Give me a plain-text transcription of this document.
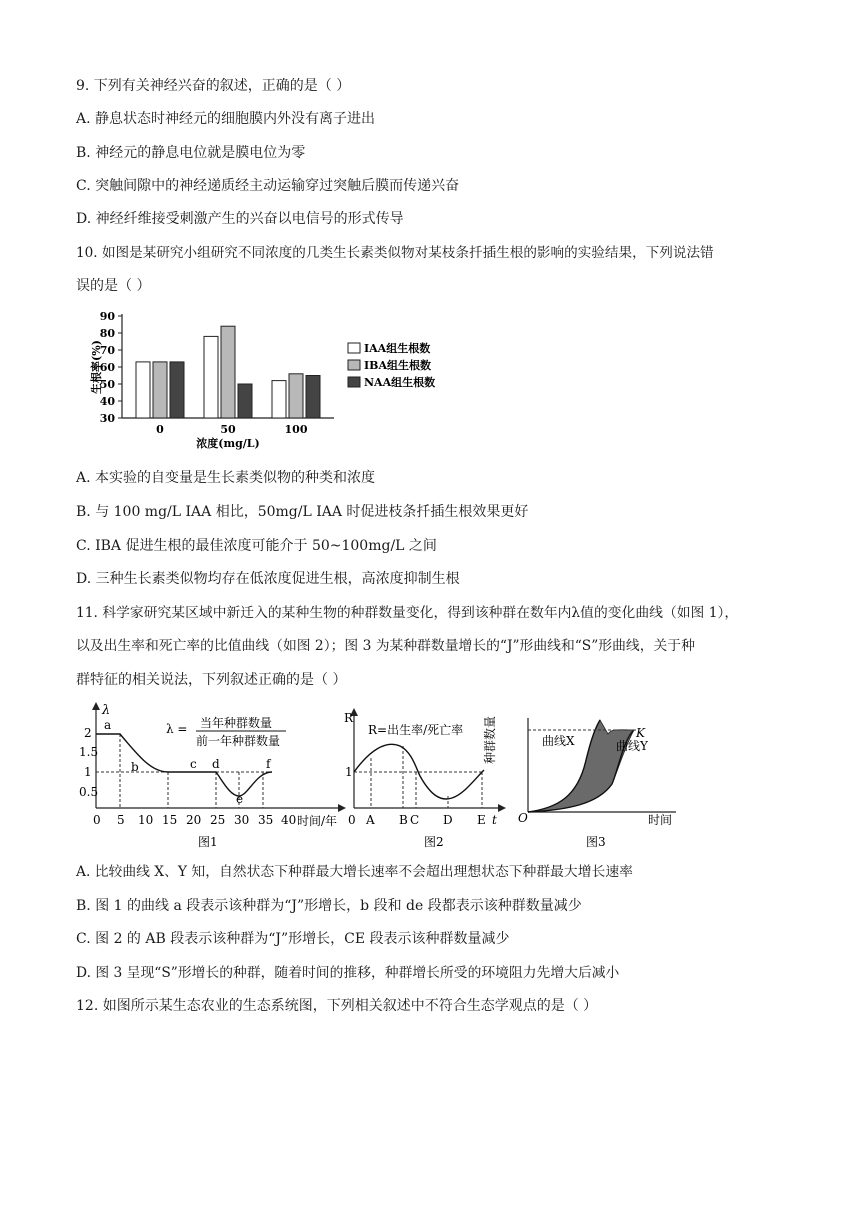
9. 下列有关神经兴奋的叙述，正确的是（ ）
A. 静息状态时神经元的细胞膜内外没有离子进出
B. 神经元的静息电位就是膜电位为零
C. 突触间隙中的神经递质经主动运输穿过突触后膜而传递兴奋
D. 神经纤维接受刺激产生的兴奋以电信号的形式传导
10. 如图是某研究小组研究不同浓度的几类生长素类似物对某枝条扦插生根的影响的实验结果，下列说法错
误的是（ ）
30
40
50
60
70
80
90
生根率(%)
浓度(mg/L)
0	50	100
IAA组生根数
IBA组生根数
NAA组生根数
A. 本实验的自变量是生长素类似物的种类和浓度
B. 与 100 mg/L IAA 相比，50mg/L IAA 时促进枝条扦插生根效果更好
C. IBA 促进生根的最佳浓度可能介于 50~100mg/L 之间
D. 三种生长素类似物均存在低浓度促进生根，高浓度抑制生根
11. 科学家研究某区域中新迁入的某种生物的种群数量变化，得到该种群在数年内λ值的变化曲线（如图 1），
以及出生率和死亡率的比值曲线（如图 2）；图 3 为某种群数量增长的“J”形曲线和“S”形曲线，关于种
群特征的相关说法，下列叙述正确的是（ ）
λ
2
1.5
1
0.5
0 5 10 15 20 25 30 35 40 时间/年
a
b	c d
e
f
λ = 当年种群数量
前一年种群数量
图1
R
1
0 A B C D E t
R=出生率/死亡率
图2
种群数量	曲线X	曲线Y
K
O	时间
图3
A. 比较曲线 X、Y 知，自然状态下种群最大增长速率不会超出理想状态下种群最大增长速率
B. 图 1 的曲线 a 段表示该种群为“J”形增长，b 段和 de 段都表示该种群数量减少
C. 图 2 的 AB 段表示该种群为“J”形增长，CE 段表示该种群数量减少
D. 图 3 呈现“S”形增长的种群，随着时间的推移，种群增长所受的环境阻力先增大后减小
12. 如图所示某生态农业的生态系统图，下列相关叙述中不符合生态学观点的是（ ）
